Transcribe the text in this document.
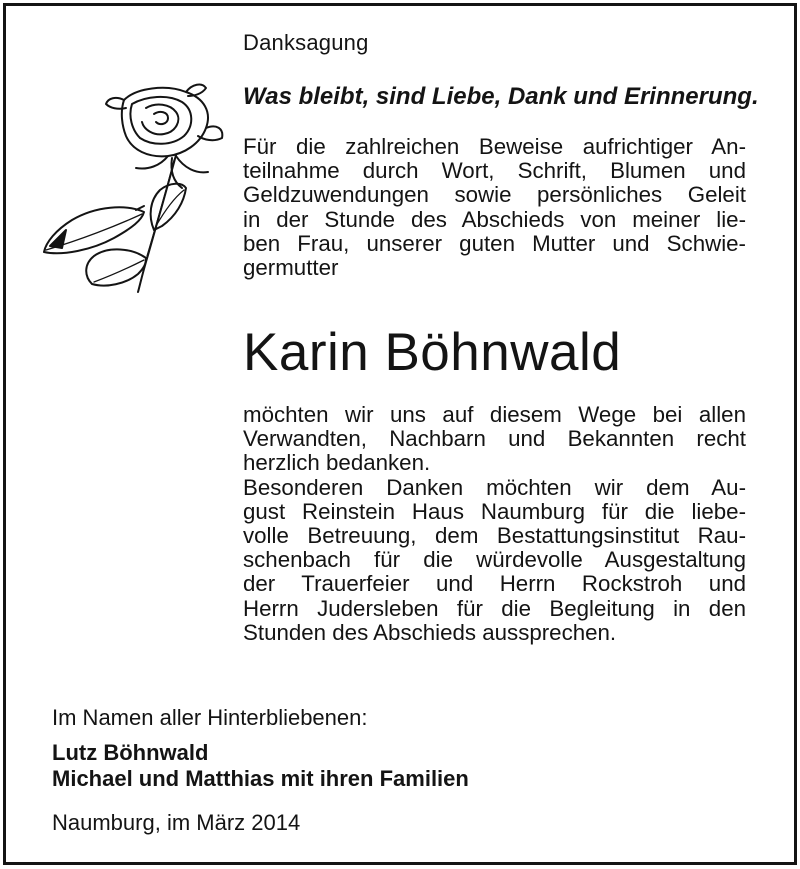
Danksagung
Was bleibt, sind Liebe, Dank und Erinnerung.

Für die zahlreichen Beweise aufrichtiger An-
teilnahme durch Wort, Schrift, Blumen und
Geldzuwendungen sowie persönliches Geleit
in der Stunde des Abschieds von meiner lie-
ben Frau, unserer guten Mutter und Schwie-
germutter

Karin Böhnwald

möchten wir uns auf diesem Wege bei allen
Verwandten, Nachbarn und Bekannten recht
herzlich bedanken.
Besonderen Danken möchten wir dem Au-
gust Reinstein Haus Naumburg für die liebe-
volle Betreuung, dem Bestattungsinstitut Rau-
schenbach für die würdevolle Ausgestaltung
der Trauerfeier und Herrn Rockstroh und
Herrn Judersleben für die Begleitung in den
Stunden des Abschieds aussprechen.

Im Namen aller Hinterbliebenen:
Lutz Böhnwald
Michael und Matthias mit ihren Familien
Naumburg, im März 2014
